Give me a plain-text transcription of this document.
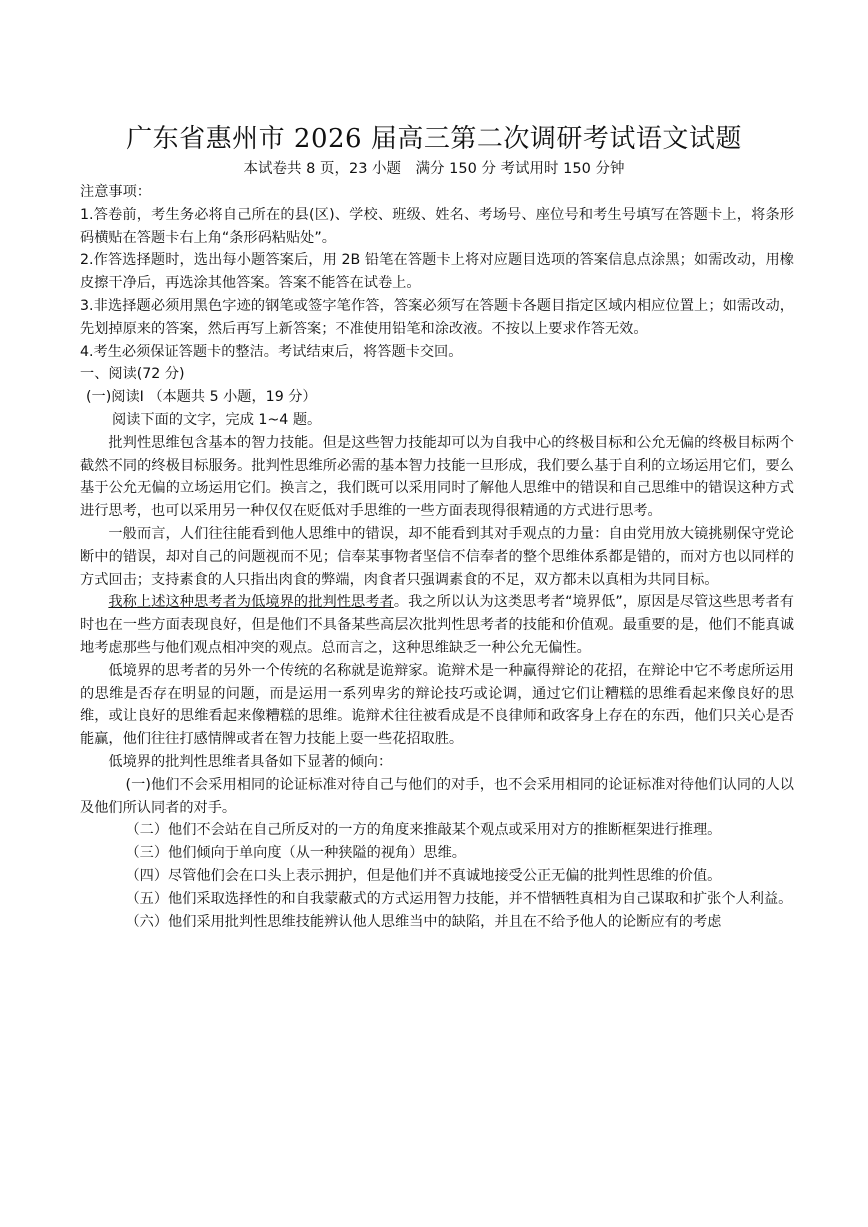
广东省惠州市 2026 届高三第二次调研考试语文试题
本试卷共 8 页，23 小题　满分 150 分 考试用时 150 分钟

注意事项：

1.答卷前，考生务必将自己所在的县(区)、学校、班级、姓名、考场号、座位号和考生号填写在答题卡上，将条形码横贴在答题卡右上角“条形码粘贴处”。

2.作答选择题时，选出每小题答案后，用 2B 铅笔在答题卡上将对应题目选项的答案信息点涂黑；如需改动，用橡皮擦干净后，再选涂其他答案。答案不能答在试卷上。

3.非选择题必须用黑色字迹的钢笔或签字笔作答，答案必须写在答题卡各题目指定区域内相应位置上；如需改动，先划掉原来的答案，然后再写上新答案；不准使用铅笔和涂改液。不按以上要求作答无效。

4.考生必须保证答题卡的整洁。考试结束后，将答题卡交回。

一、阅读(72 分)

(一)阅读Ⅰ （本题共 5 小题，19 分）

阅读下面的文字，完成 1~4 题。

批判性思维包含基本的智力技能。但是这些智力技能却可以为自我中心的终极目标和公允无偏的终极目标两个截然不同的终极目标服务。批判性思维所必需的基本智力技能一旦形成，我们要么基于自利的立场运用它们，要么基于公允无偏的立场运用它们。换言之，我们既可以采用同时了解他人思维中的错误和自己思维中的错误这种方式进行思考，也可以采用另一种仅仅在贬低对手思维的一些方面表现得很精通的方式进行思考。

一般而言，人们往往能看到他人思维中的错误，却不能看到其对手观点的力量：自由党用放大镜挑剔保守党论断中的错误，却对自己的问题视而不见；信奉某事物者坚信不信奉者的整个思维体系都是错的，而对方也以同样的方式回击；支持素食的人只指出肉食的弊端，肉食者只强调素食的不足，双方都未以真相为共同目标。

我称上述这种思考者为低境界的批判性思考者。我之所以认为这类思考者“境界低”，原因是尽管这些思考者有时也在一些方面表现良好，但是他们不具备某些高层次批判性思考者的技能和价值观。最重要的是，他们不能真诚地考虑那些与他们观点相冲突的观点。总而言之，这种思维缺乏一种公允无偏性。

低境界的思考者的另外一个传统的名称就是诡辩家。诡辩术是一种赢得辩论的花招，在辩论中它不考虑所运用的思维是否存在明显的问题，而是运用一系列卑劣的辩论技巧或论调，通过它们让糟糕的思维看起来像良好的思维，或让良好的思维看起来像糟糕的思维。诡辩术往往被看成是不良律师和政客身上存在的东西，他们只关心是否能赢，他们往往打感情牌或者在智力技能上耍一些花招取胜。

低境界的批判性思维者具备如下显著的倾向：

(一)他们不会采用相同的论证标准对待自己与他们的对手，也不会采用相同的论证标准对待他们认同的人以及他们所认同者的对手。

（二）他们不会站在自己所反对的一方的角度来推敲某个观点或采用对方的推断框架进行推理。

（三）他们倾向于单向度（从一种狭隘的视角）思维。

（四）尽管他们会在口头上表示拥护，但是他们并不真诚地接受公正无偏的批判性思维的价值。

（五）他们采取选择性的和自我蒙蔽式的方式运用智力技能，并不惜牺牲真相为自己谋取和扩张个人利益。

（六）他们采用批判性思维技能辨认他人思维当中的缺陷，并且在不给予他人的论断应有的考虑
